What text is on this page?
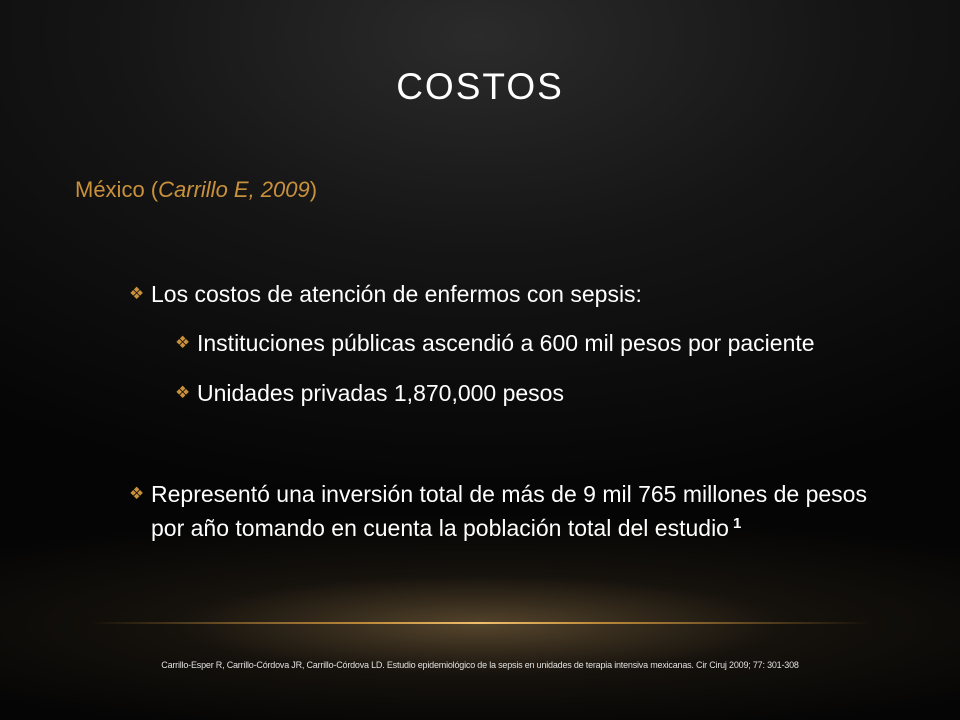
COSTOS
México (Carrillo E, 2009)
❖ Los costos de atención de enfermos con sepsis:
❖ Instituciones públicas ascendió a 600 mil pesos por paciente
❖ Unidades privadas 1,870,000 pesos
❖ Representó una inversión total de más de 9 mil 765 millones de pesos por año tomando en cuenta la población total del estudio $^1$
Carrillo-Esper R, Carrillo-Córdova JR, Carrillo-Córdova LD. Estudio epidemiológico de la sepsis en unidades de terapia intensiva mexicanas. Cir Ciruj 2009; 77: 301-308
